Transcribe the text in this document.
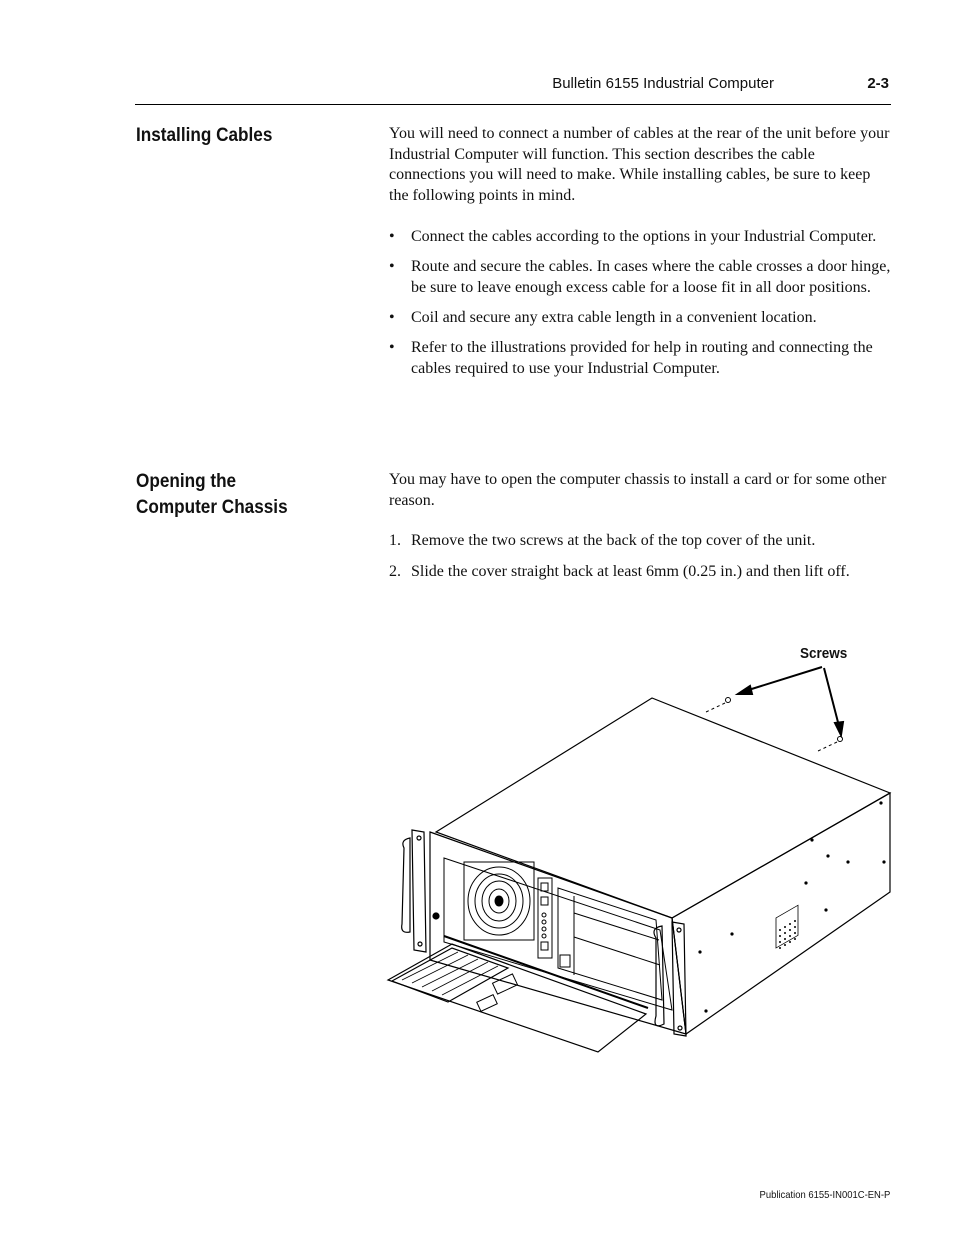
Bulletin 6155 Industrial Computer	2-3
Installing Cables	You will need to connect a number of cables at the rear of the unit before your Industrial Computer will function. This section describes the cable connections you will need to make. While installing cables, be sure to keep the following points in mind.

• Connect the cables according to the options in your Industrial Computer.
• Route and secure the cables. In cases where the cable crosses a door hinge, be sure to leave enough excess cable for a loose fit in all door positions.
• Coil and secure any extra cable length in a convenient location.
• Refer to the illustrations provided for help in routing and connecting the cables required to use your Industrial Computer.
Opening the
Computer Chassis

You may have to open the computer chassis to install a card or for some other reason.

1. Remove the two screws at the back of the top cover of the unit.
2. Slide the cover straight back at least 6mm (0.25 in.) and then lift off.
Screws
Publication 6155-IN001C-EN-P
